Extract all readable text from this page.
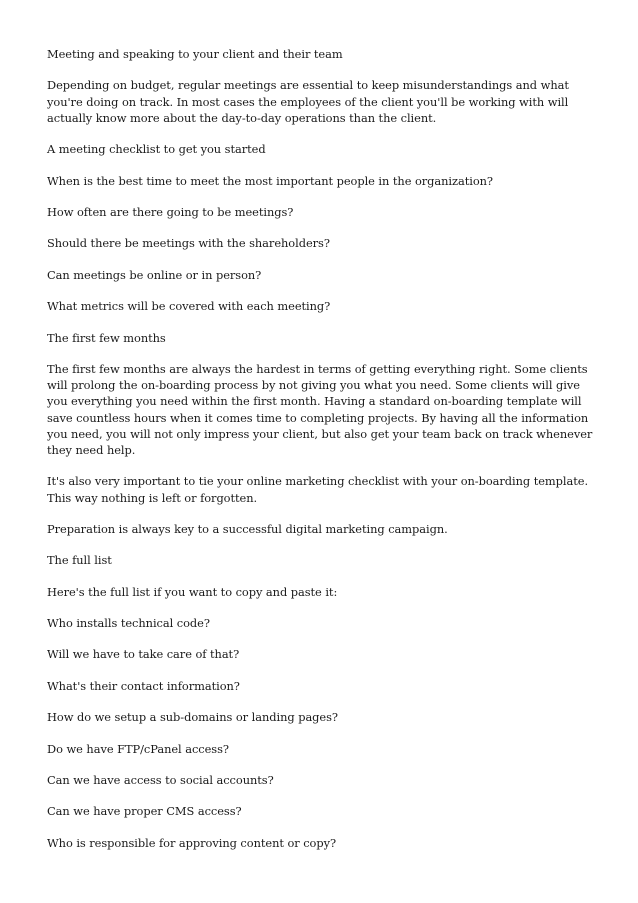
Meeting and speaking to your client and their team

Depending on budget, regular meetings are essential to keep misunderstandings and what you're doing on track. In most cases the employees of the client you'll be working with will actually know more about the day-to-day operations than the client.

A meeting checklist to get you started

When is the best time to meet the most important people in the organization?

How often are there going to be meetings?

Should there be meetings with the shareholders?

Can meetings be online or in person?

What metrics will be covered with each meeting?

The first few months

The first few months are always the hardest in terms of getting everything right. Some clients will prolong the on-boarding process by not giving you what you need. Some clients will give you everything you need within the first month. Having a standard on-boarding template will save countless hours when it comes time to completing projects. By having all the information you need, you will not only impress your client, but also get your team back on track whenever they need help.

It's also very important to tie your online marketing checklist with your on-boarding template. This way nothing is left or forgotten.

Preparation is always key to a successful digital marketing campaign.

The full list

Here's the full list if you want to copy and paste it:

Who installs technical code?

Will we have to take care of that?

What's their contact information?

How do we setup a sub-domains or landing pages?

Do we have FTP/cPanel access?

Can we have access to social accounts?

Can we have proper CMS access?

Who is responsible for approving content or copy?
